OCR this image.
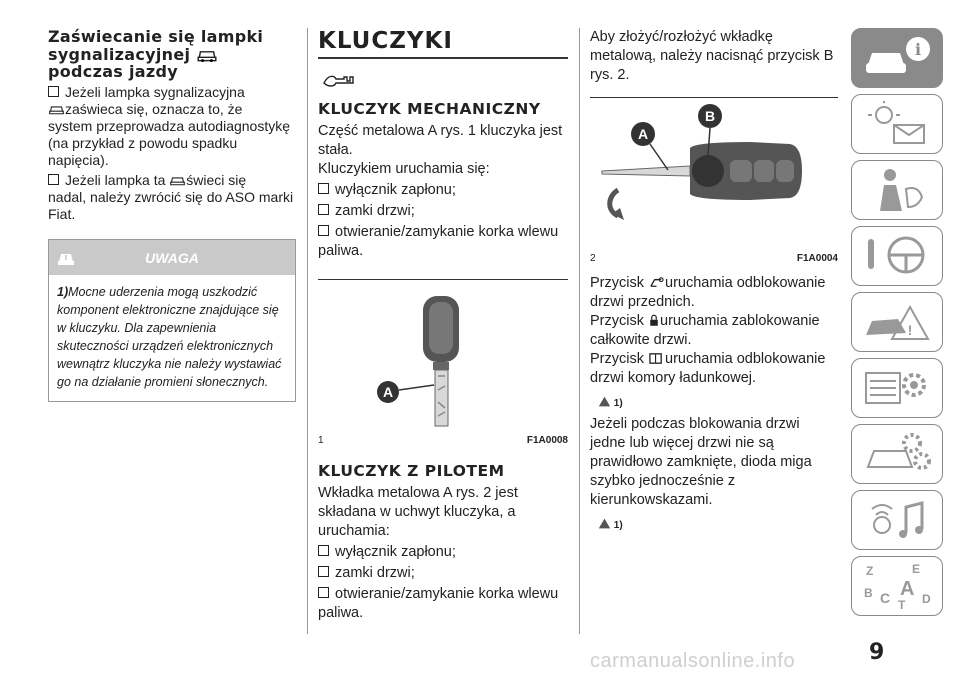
Zaświecanie się lampki
sygnalizacyjnej
podczas jazdy

Jeżeli lampka sygnalizacyjna
zaświeca się, oznacza to, że
system przeprowadza autodiagnostykę
(na przykład z powodu spadku
napięcia).

Jeżeli lampka ta świeci się
nadal, należy zwrócić się do ASO marki
Fiat.

UWAGA
1)Mocne uderzenia mogą uszkodzić komponent elektroniczne znajdujące się w kluczyku. Dla zapewnienia skuteczności urządzeń elektronicznych wewnątrz kluczyka nie należy wystawiać go na działanie promieni słonecznych.
KLUCZYKI
KLUCZYK MECHANICZNY

Część metalowa A rys. 1 kluczyka jest stała.

Kluczykiem uruchamia się:

wyłącznik zapłonu;
zamki drzwi;
otwieranie/zamykanie korka wlewu paliwa.
A
1	F1A0008
KLUCZYK Z PILOTEM

Wkładka metalowa A rys. 2 jest składana w uchwyt kluczyka, a uruchamia:

wyłącznik zapłonu;
zamki drzwi;
otwieranie/zamykanie korka wlewu paliwa.

Aby złożyć/rozłożyć wkładkę metalową, należy nacisnąć przycisk B rys. 2.

A
B
2	F1A0004

Przycisk uruchamia odblokowanie
drzwi przednich.

Przycisk uruchamia zablokowanie
całkowite drzwi.

Przycisk uruchamia odblokowanie
drzwi komory ładunkowej.

1)

Jeżeli podczas blokowania drzwi jedne lub więcej drzwi nie są prawidłowo zamknięte, dioda miga szybko jednocześnie z kierunkowskazami.

1)
i
!
Z	E
B A
C T D
9
carmanualsonline.info
